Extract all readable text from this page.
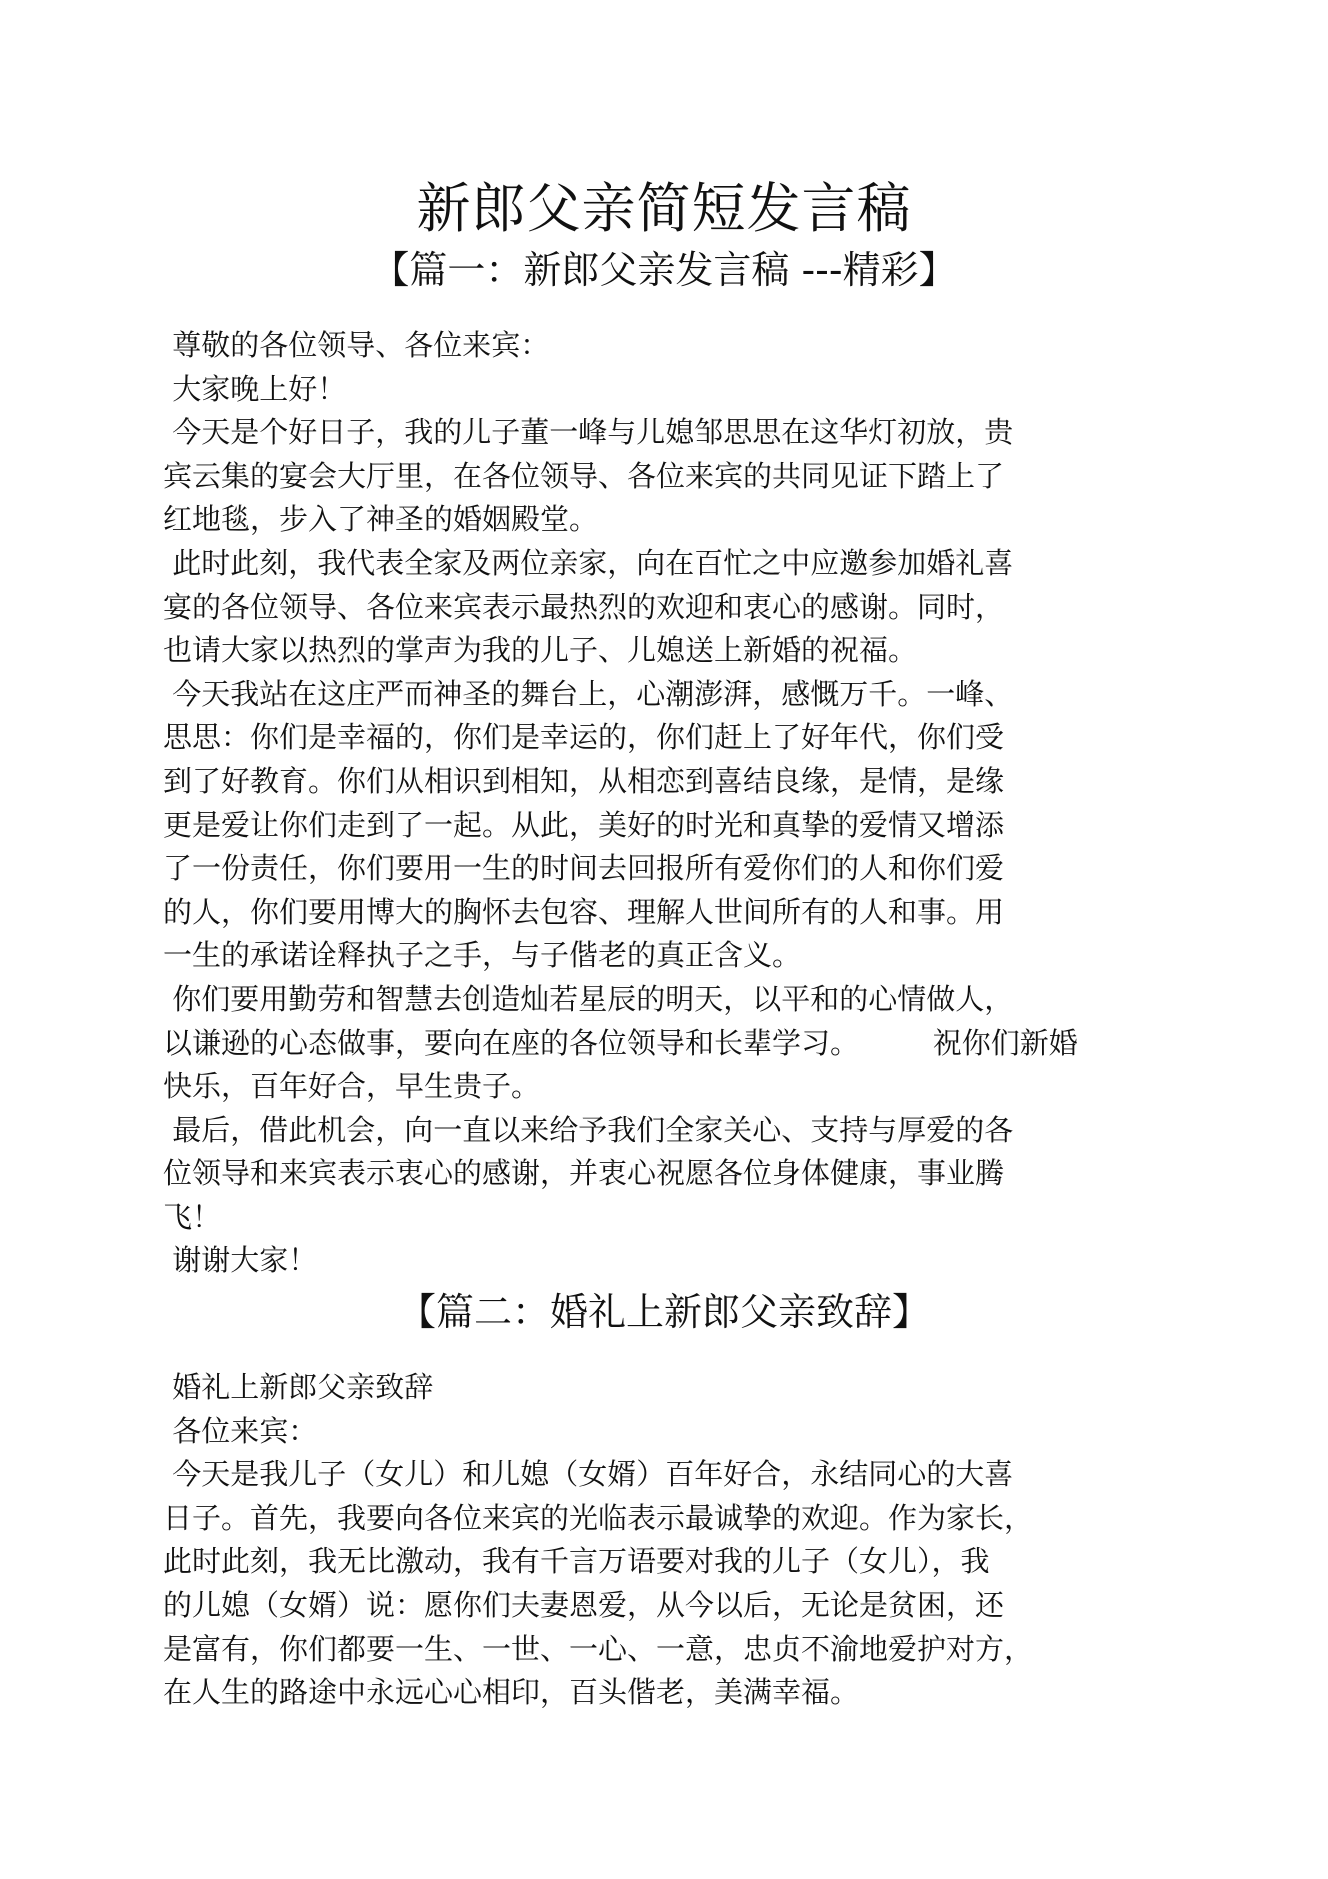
新郎父亲简短发言稿
【篇一：新郎父亲发言稿 ---精彩】
尊敬的各位领导、各位来宾：
大家晚上好！
今天是个好日子，我的儿子董一峰与儿媳邹思思在这华灯初放，贵
宾云集的宴会大厅里，在各位领导、各位来宾的共同见证下踏上了
红地毯，步入了神圣的婚姻殿堂。
此时此刻，我代表全家及两位亲家，向在百忙之中应邀参加婚礼喜
宴的各位领导、各位来宾表示最热烈的欢迎和衷心的感谢。同时，
也请大家以热烈的掌声为我的儿子、儿媳送上新婚的祝福。
今天我站在这庄严而神圣的舞台上，心潮澎湃，感慨万千。一峰、
思思：你们是幸福的，你们是幸运的，你们赶上了好年代，你们受
到了好教育。你们从相识到相知，从相恋到喜结良缘，是情，是缘
更是爱让你们走到了一起。从此，美好的时光和真挚的爱情又增添
了一份责任，你们要用一生的时间去回报所有爱你们的人和你们爱
的人，你们要用博大的胸怀去包容、理解人世间所有的人和事。用
一生的承诺诠释执子之手，与子偕老的真正含义。
你们要用勤劳和智慧去创造灿若星辰的明天，以平和的心情做人，
以谦逊的心态做事，要向在座的各位领导和长辈学习。        祝你们新婚
快乐，百年好合，早生贵子。
最后，借此机会，向一直以来给予我们全家关心、支持与厚爱的各
位领导和来宾表示衷心的感谢，并衷心祝愿各位身体健康，事业腾
飞！
谢谢大家！
【篇二：婚礼上新郎父亲致辞】
婚礼上新郎父亲致辞
各位来宾：
今天是我儿子（女儿）和儿媳（女婿）百年好合，永结同心的大喜
日子。首先，我要向各位来宾的光临表示最诚挚的欢迎。作为家长，
此时此刻，我无比激动，我有千言万语要对我的儿子（女儿），我
的儿媳（女婿）说：愿你们夫妻恩爱，从今以后，无论是贫困，还
是富有，你们都要一生、一世、一心、一意，忠贞不渝地爱护对方，
在人生的路途中永远心心相印，百头偕老，美满幸福。
